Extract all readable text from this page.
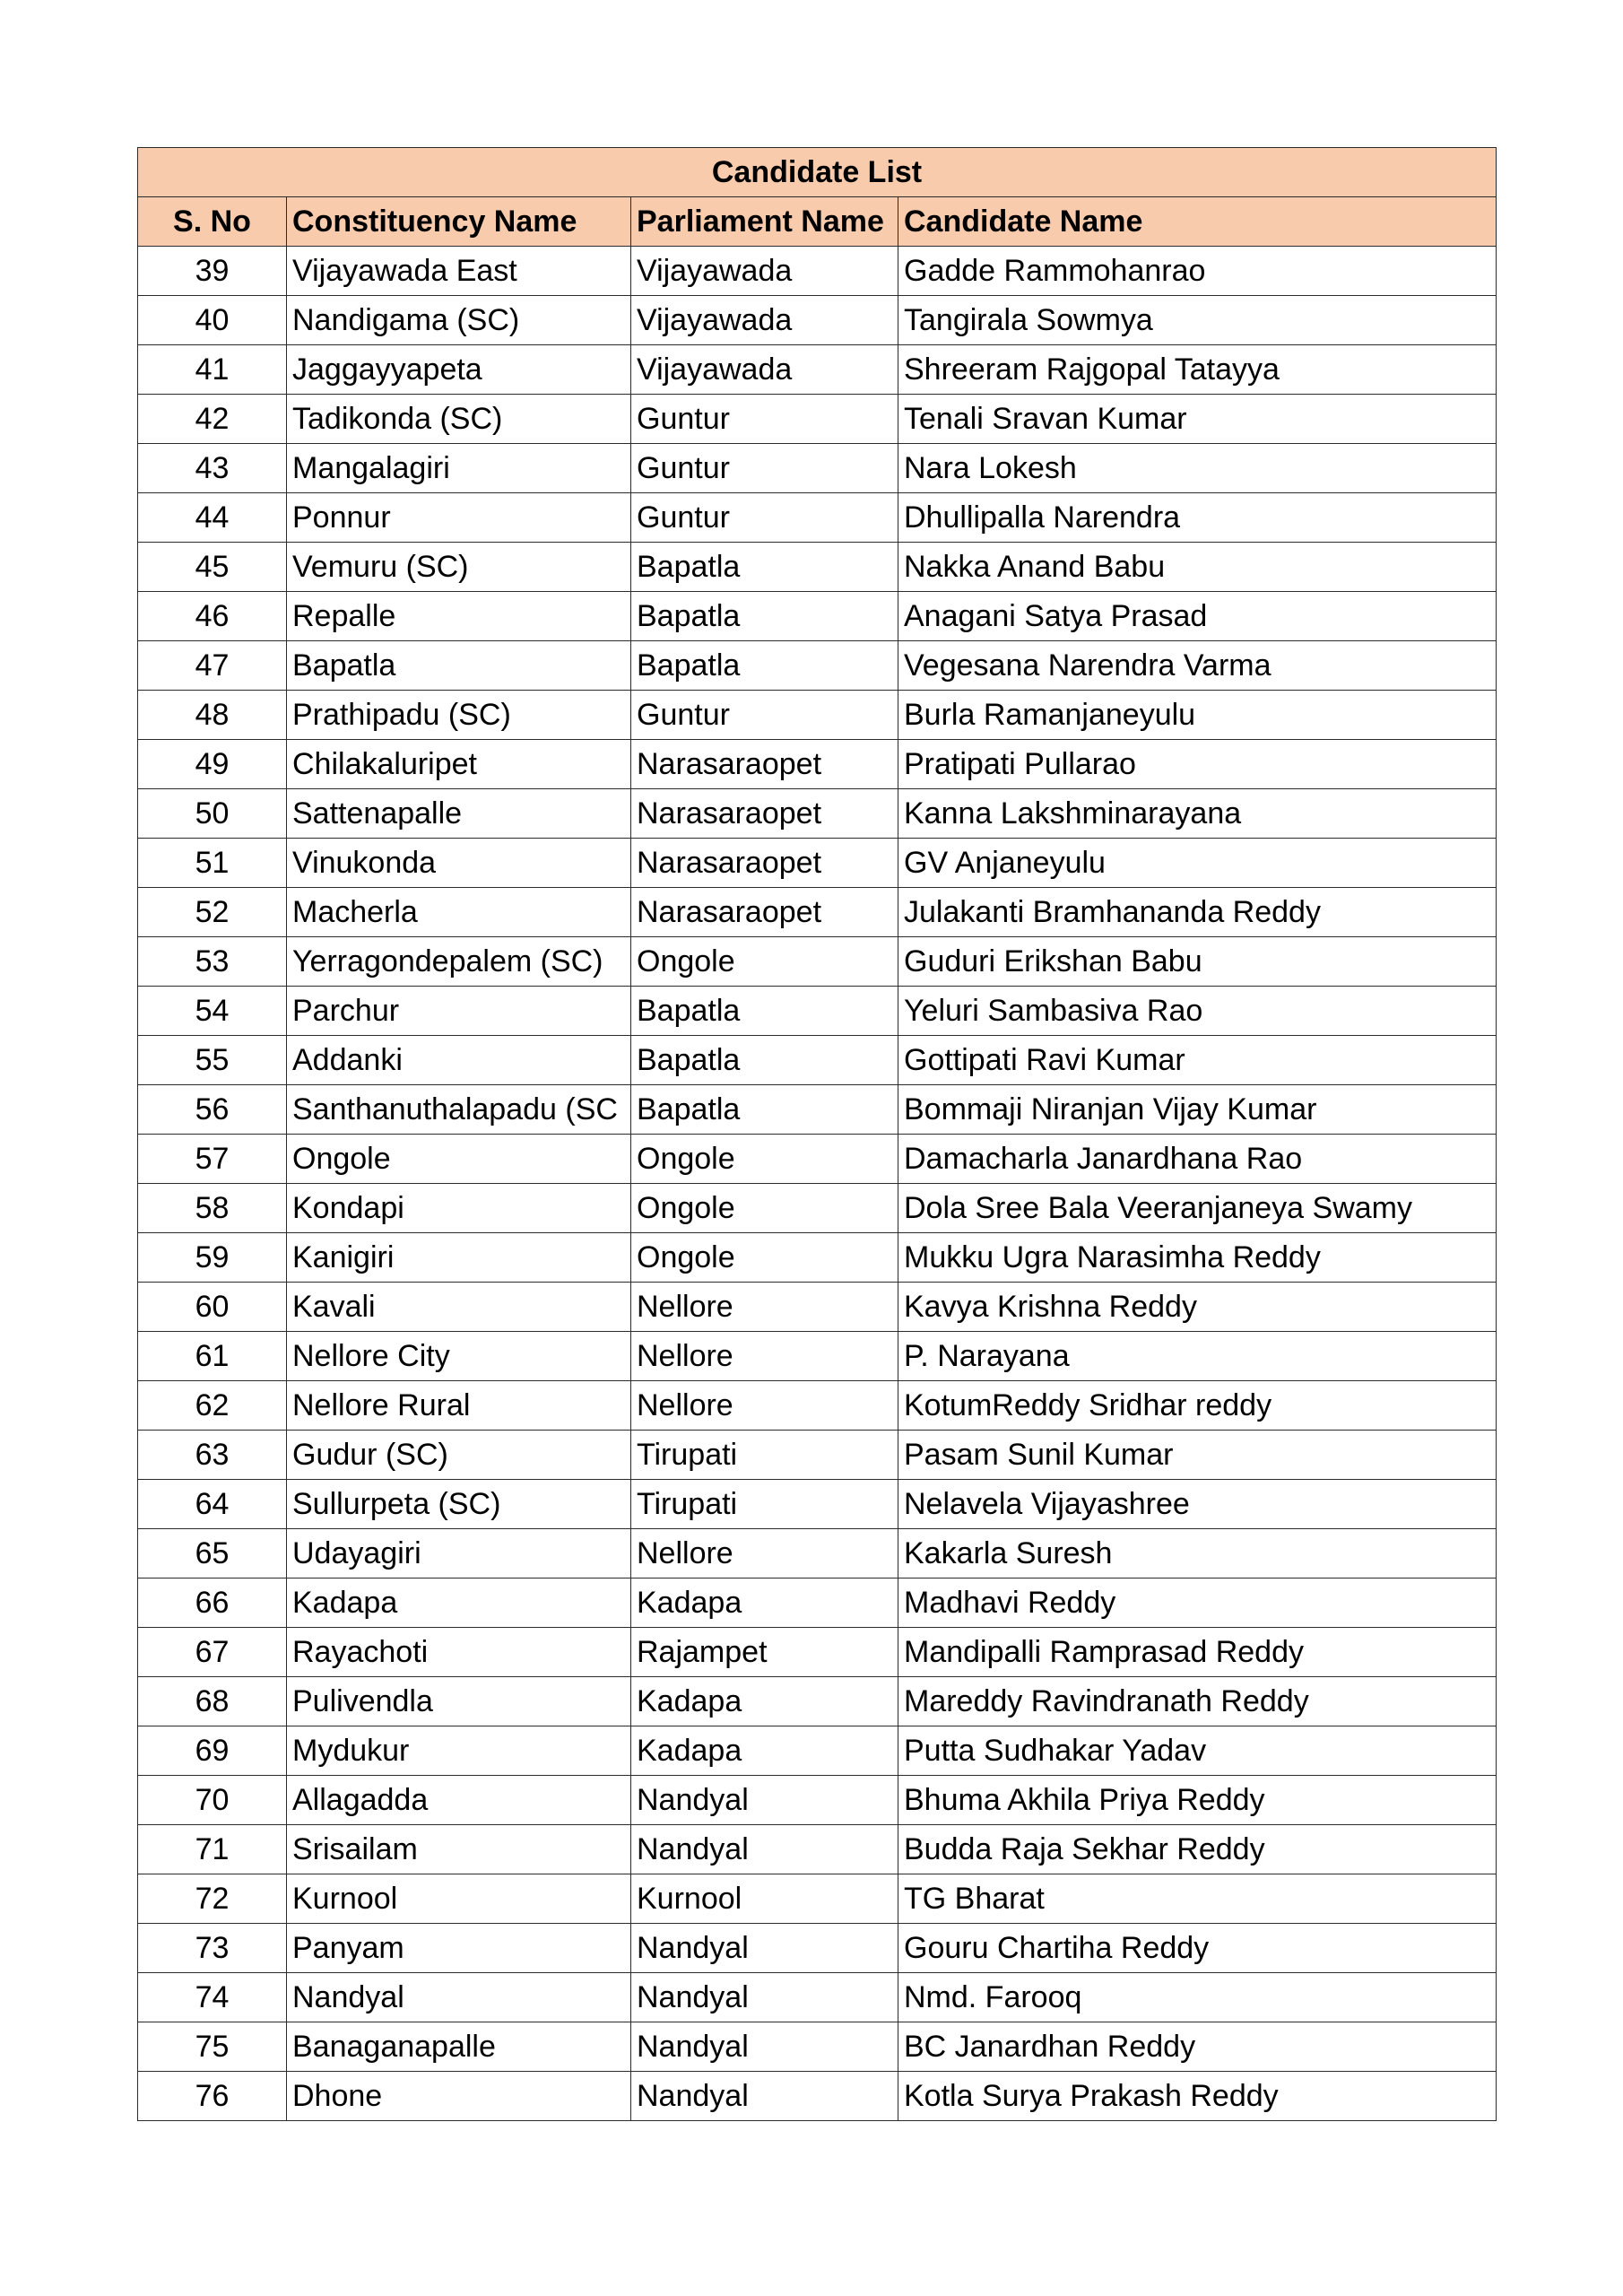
Candidate List			
S. No	Constituency Name	Parliament Name	Candidate Name
39	Vijayawada East	Vijayawada	Gadde Rammohanrao
40	Nandigama (SC)	Vijayawada	Tangirala Sowmya
41	Jaggayyapeta	Vijayawada	Shreeram Rajgopal Tatayya
42	Tadikonda (SC)	Guntur	Tenali Sravan Kumar
43	Mangalagiri	Guntur	Nara Lokesh
44	Ponnur	Guntur	Dhullipalla Narendra
45	Vemuru (SC)	Bapatla	Nakka Anand Babu
46	Repalle	Bapatla	Anagani Satya Prasad
47	Bapatla	Bapatla	Vegesana Narendra Varma
48	Prathipadu (SC)	Guntur	Burla Ramanjaneyulu
49	Chilakaluripet	Narasaraopet	Pratipati Pullarao
50	Sattenapalle	Narasaraopet	Kanna Lakshminarayana
51	Vinukonda	Narasaraopet	GV Anjaneyulu
52	Macherla	Narasaraopet	Julakanti Bramhananda Reddy
53	Yerragondepalem (SC)	Ongole	Guduri Erikshan Babu
54	Parchur	Bapatla	Yeluri Sambasiva Rao
55	Addanki	Bapatla	Gottipati Ravi Kumar
56	Santhanuthalapadu (SC	Bapatla	Bommaji Niranjan Vijay Kumar
57	Ongole	Ongole	Damacharla Janardhana Rao
58	Kondapi	Ongole	Dola Sree Bala Veeranjaneya Swamy
59	Kanigiri	Ongole	Mukku Ugra Narasimha Reddy
60	Kavali	Nellore	Kavya Krishna Reddy
61	Nellore City	Nellore	P. Narayana
62	Nellore Rural	Nellore	KotumReddy Sridhar reddy
63	Gudur (SC)	Tirupati	Pasam Sunil Kumar
64	Sullurpeta (SC)	Tirupati	Nelavela Vijayashree
65	Udayagiri	Nellore	Kakarla Suresh
66	Kadapa	Kadapa	Madhavi Reddy
67	Rayachoti	Rajampet	Mandipalli Ramprasad Reddy
68	Pulivendla	Kadapa	Mareddy Ravindranath Reddy
69	Mydukur	Kadapa	Putta Sudhakar Yadav
70	Allagadda	Nandyal	Bhuma Akhila Priya Reddy
71	Srisailam	Nandyal	Budda Raja Sekhar Reddy
72	Kurnool	Kurnool	TG Bharat
73	Panyam	Nandyal	Gouru Chartiha Reddy
74	Nandyal	Nandyal	Nmd. Farooq
75	Banaganapalle	Nandyal	BC Janardhan Reddy
76	Dhone	Nandyal	Kotla Surya Prakash Reddy
